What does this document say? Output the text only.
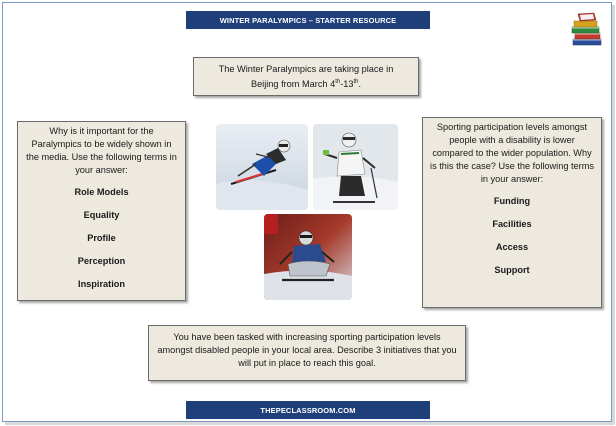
WINTER PARALYMPICS – STARTER RESOURCE
The Winter Paralympics are taking place in
Beijing from March 4th-13th.
Why is it important for the Paralympics to be widely shown in the media. Use the following terms in your answer:
Role Models
Equality
Profile
Perception
Inspiration
Sporting participation levels amongst people with a disability is lower compared to the wider population. Why is this the case? Use the following terms in your answer:
Funding
Facilities
Access
Support
You have been tasked with increasing sporting participation levels amongst disabled people in your local area. Describe 3 initiatives that you will put in place to reach this goal.
THEPECLASSROOM.COM
